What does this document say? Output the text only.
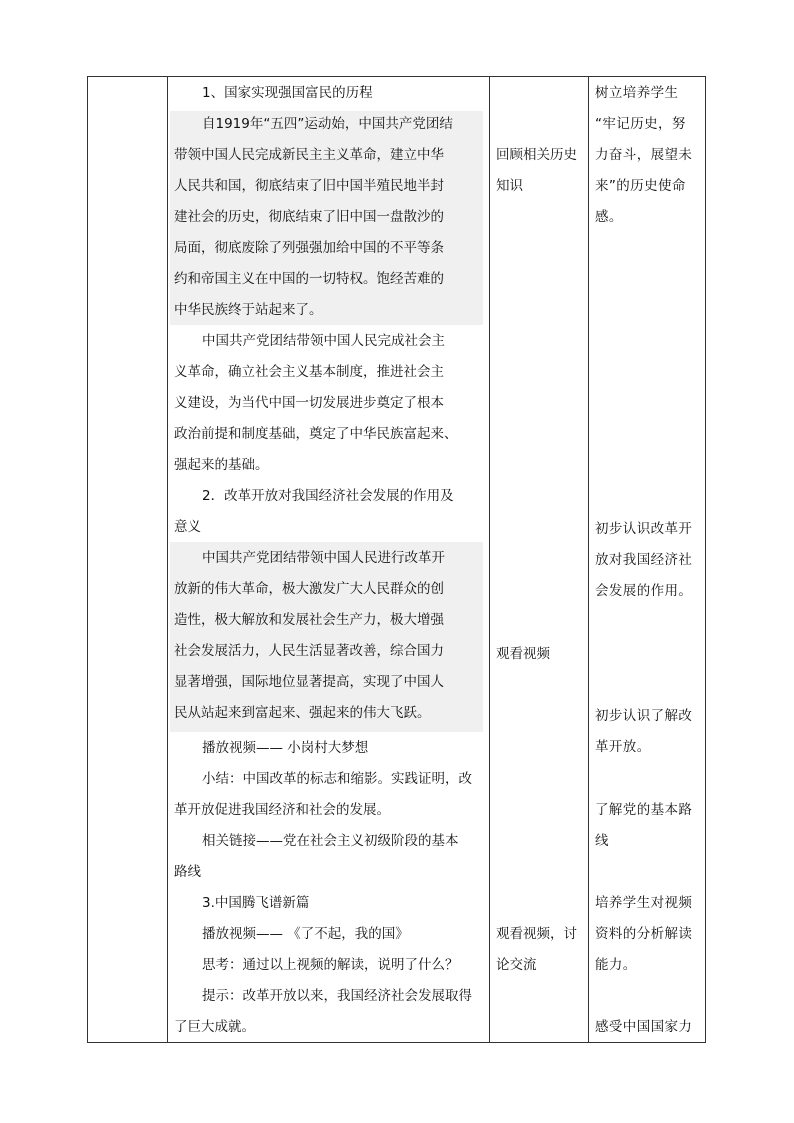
1、国家实现强国富民的历程
自1919年“五四”运动始，中国共产党团结
带领中国人民完成新民主主义革命，建立中华
人民共和国，彻底结束了旧中国半殖民地半封
建社会的历史，彻底结束了旧中国一盘散沙的
局面，彻底废除了列强强加给中国的不平等条
约和帝国主义在中国的一切特权。饱经苦难的
中华民族终于站起来了。
中国共产党团结带领中国人民完成社会主
义革命，确立社会主义基本制度，推进社会主
义建设，为当代中国一切发展进步奠定了根本
政治前提和制度基础，奠定了中华民族富起来、
强起来的基础。
2．改革开放对我国经济社会发展的作用及
意义
中国共产党团结带领中国人民进行改革开
放新的伟大革命，极大激发广大人民群众的创
造性，极大解放和发展社会生产力，极大增强
社会发展活力，人民生活显著改善，综合国力
显著增强，国际地位显著提高，实现了中国人
民从站起来到富起来、强起来的伟大飞跃。
播放视频—— 小岗村大梦想
小结：中国改革的标志和缩影。实践证明，改
革开放促进我国经济和社会的发展。
相关链接——党在社会主义初级阶段的基本
路线
3.中国腾飞谱新篇
播放视频—— 《了不起，我的国》
思考：通过以上视频的解读，说明了什么？
提示：改革开放以来，我国经济社会发展取得
了巨大成就。
回顾相关历史
知识
观看视频
观看视频，讨
论交流
树立培养学生
“牢记历史，努
力奋斗，展望未
来”的历史使命
感。
初步认识改革开
放对我国经济社
会发展的作用。
初步认识了解改
革开放。
了解党的基本路
线
培养学生对视频
资料的分析解读
能力。
感受中国国家力
